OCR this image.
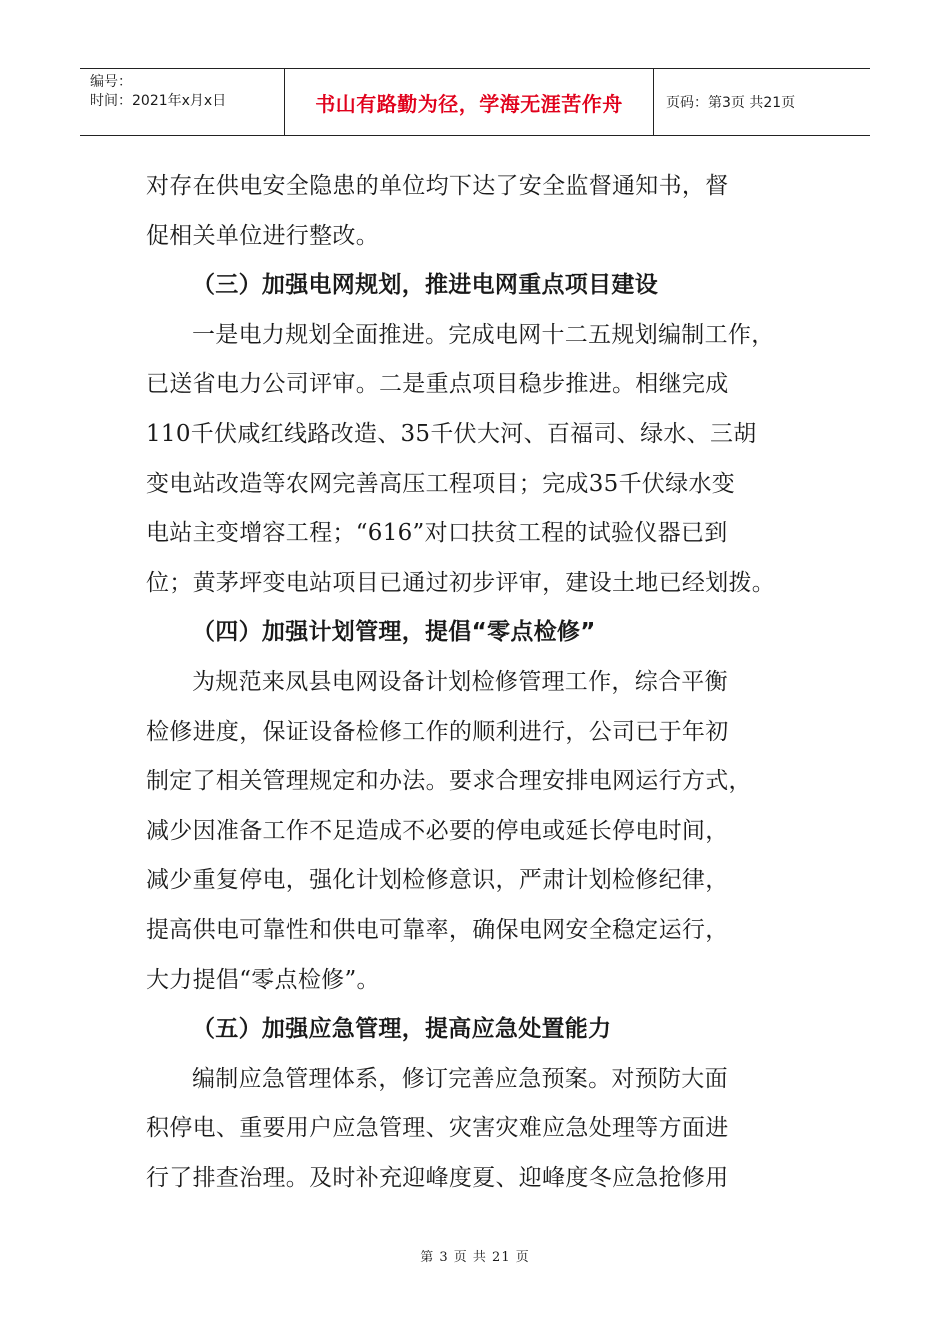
编号：
时间：2021年x月x日	书山有路勤为径，学海无涯苦作舟	页码：第3页 共21页

对存在供电安全隐患的单位均下达了安全监督通知书，督

促相关单位进行整改。

（三）加强电网规划，推进电网重点项目建设

一是电力规划全面推进。完成电网十二五规划编制工作，

已送省电力公司评审。二是重点项目稳步推进。相继完成

110千伏咸红线路改造、35千伏大河、百福司、绿水、三胡

变电站改造等农网完善高压工程项目；完成35千伏绿水变

电站主变增容工程；“616”对口扶贫工程的试验仪器已到

位；黄茅坪变电站项目已通过初步评审，建设土地已经划拨。

（四）加强计划管理，提倡“零点检修”

为规范来凤县电网设备计划检修管理工作，综合平衡

检修进度，保证设备检修工作的顺利进行，公司已于年初

制定了相关管理规定和办法。要求合理安排电网运行方式，

减少因准备工作不足造成不必要的停电或延长停电时间，

减少重复停电，强化计划检修意识，严肃计划检修纪律，

提高供电可靠性和供电可靠率，确保电网安全稳定运行，

大力提倡“零点检修”。

（五）加强应急管理，提高应急处置能力

编制应急管理体系，修订完善应急预案。对预防大面

积停电、重要用户应急管理、灾害灾难应急处理等方面进

行了排查治理。及时补充迎峰度夏、迎峰度冬应急抢修用

第 3 页 共 21 页
